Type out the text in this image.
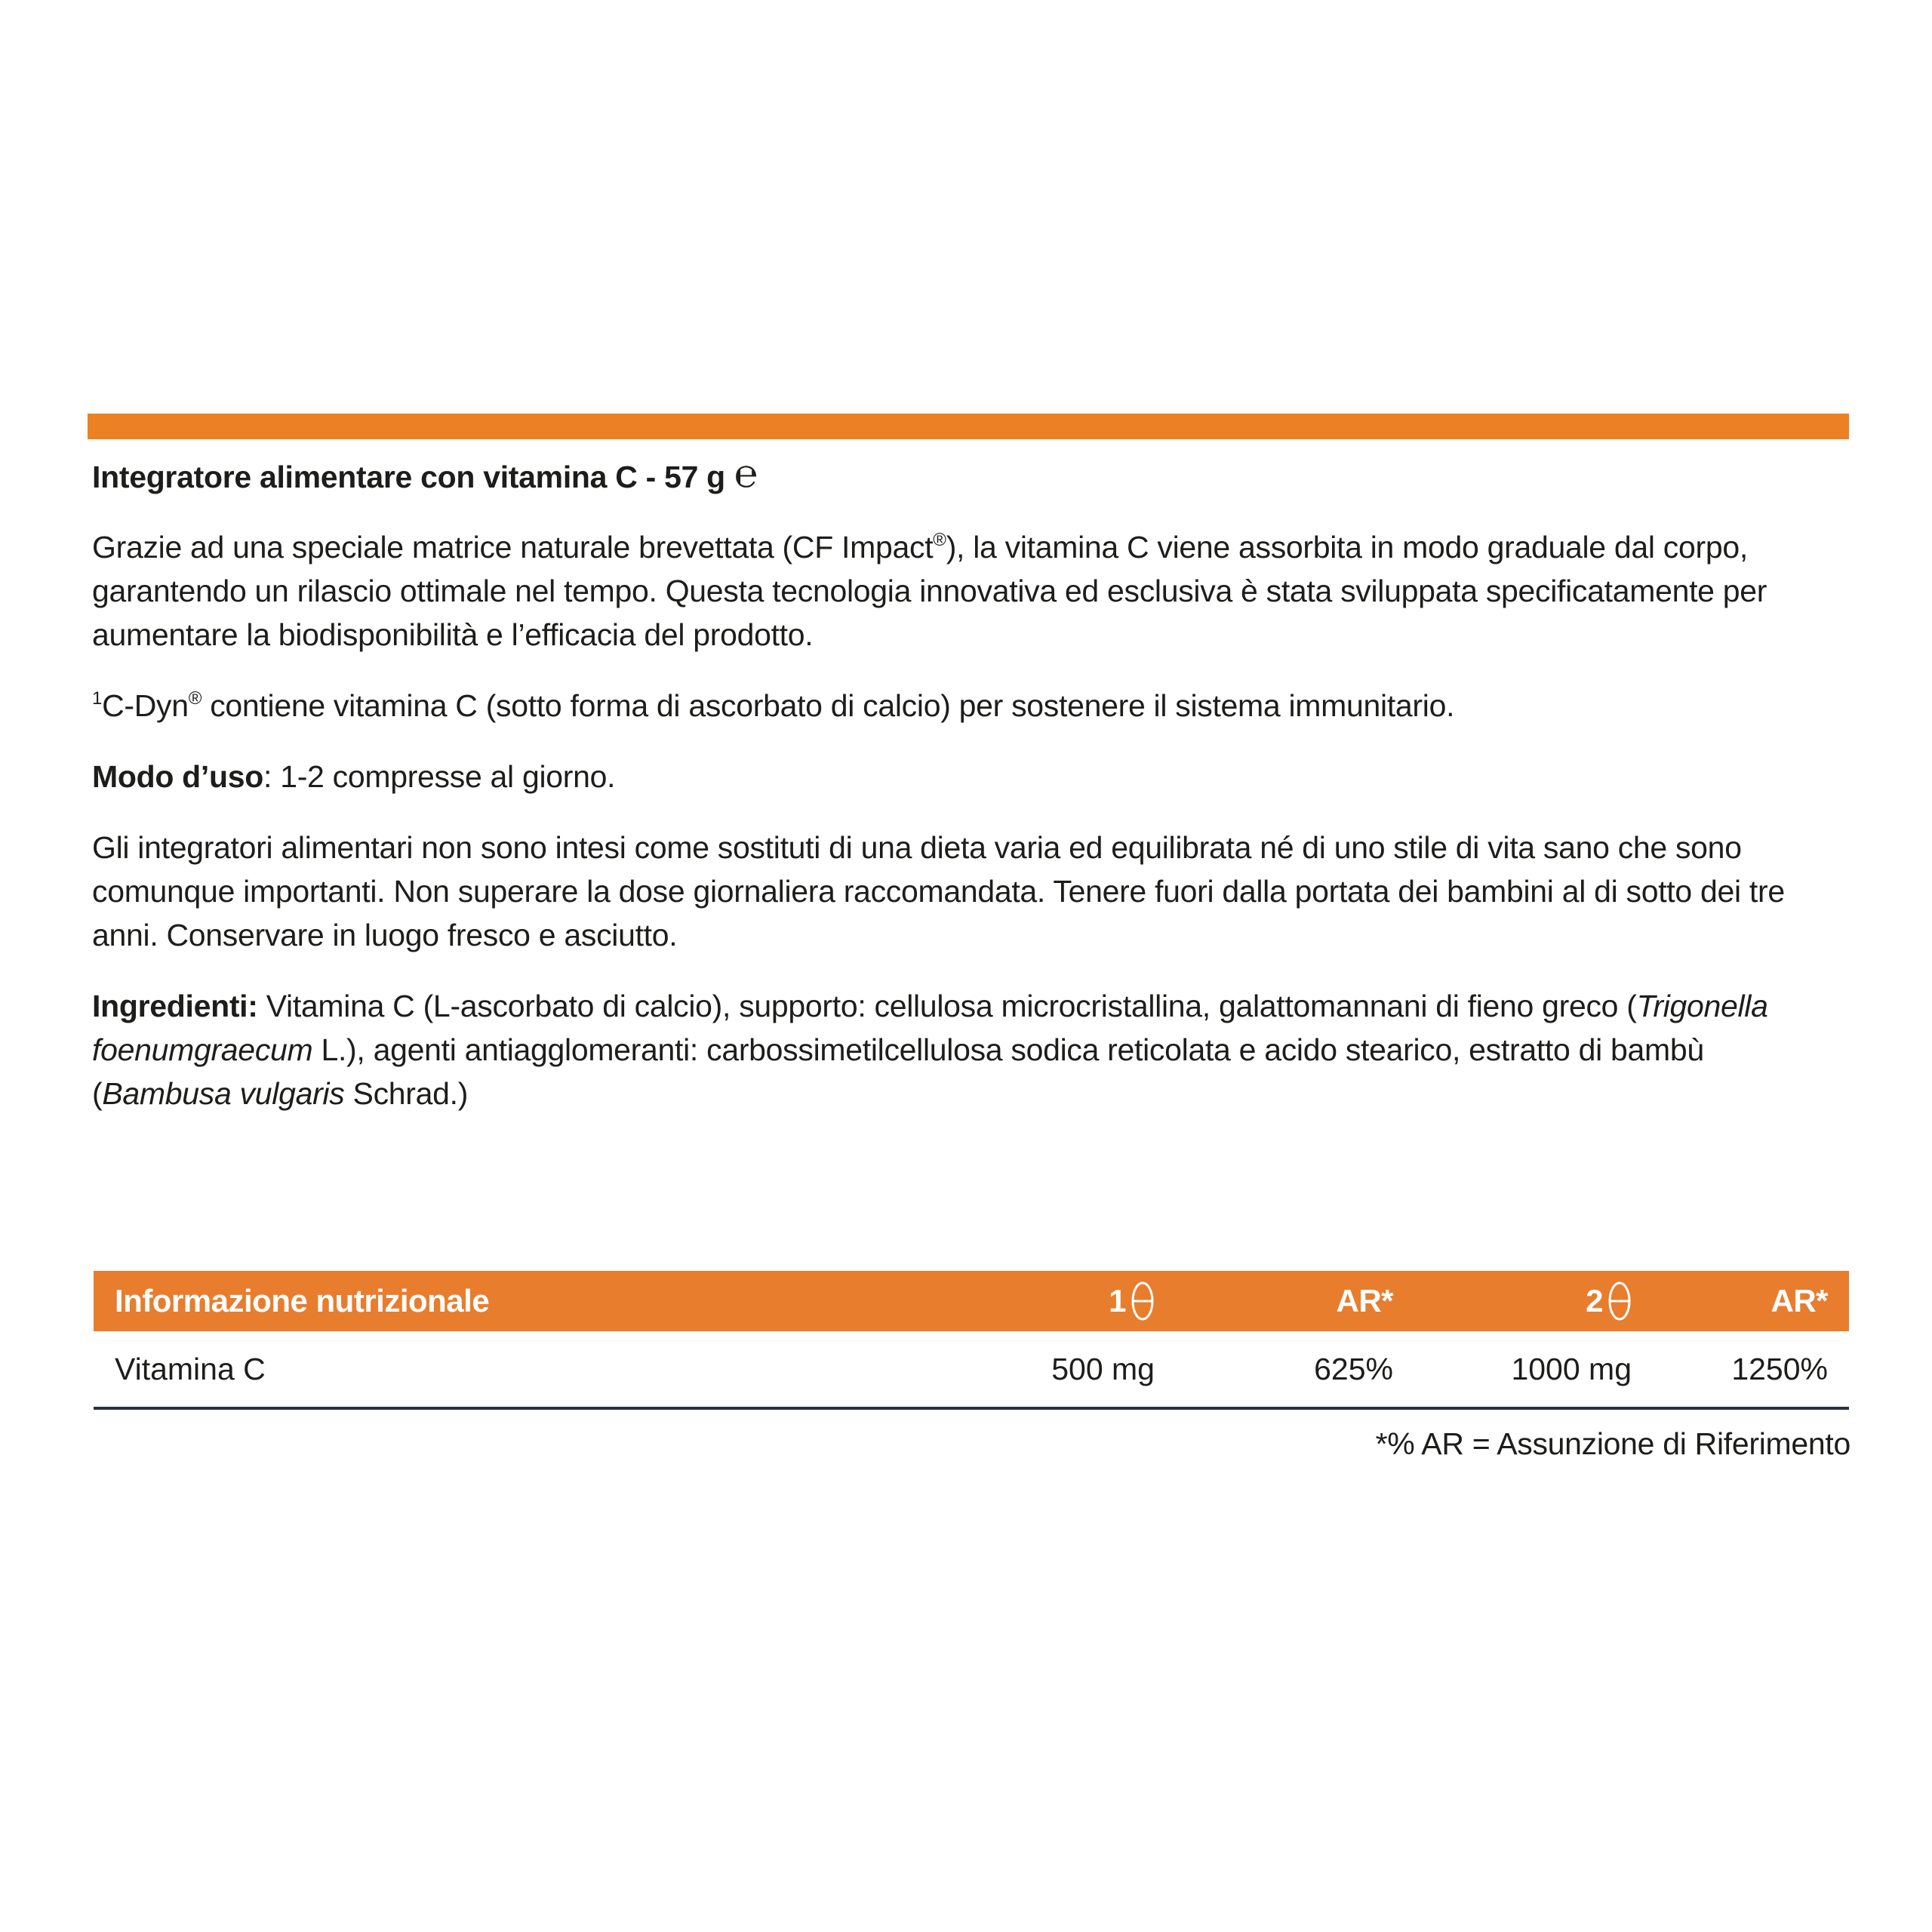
Integratore alimentare con vitamina C - 57 g ℮

Grazie ad una speciale matrice naturale brevettata (CF Impact®), la vitamina C viene assorbita in modo graduale dal corpo, garantendo un rilascio ottimale nel tempo. Questa tecnologia innovativa ed esclusiva è stata sviluppata specificatamente per aumentare la biodisponibilità e l’efficacia del prodotto.

$^1$C-Dyn® contiene vitamina C (sotto forma di ascorbato di calcio) per sostenere il sistema immunitario.

Modo d’uso: 1-2 compresse al giorno.

Gli integratori alimentari non sono intesi come sostituti di una dieta varia ed equilibrata né di uno stile di vita sano che sono comunque importanti. Non superare la dose giornaliera raccomandata. Tenere fuori dalla portata dei bambini al di sotto dei tre anni. Conservare in luogo fresco e asciutto.

Ingredienti: Vitamina C (L-ascorbato di calcio), supporto: cellulosa microcristallina, galattomannani di fieno greco (Trigonella foenumgraecum L.), agenti antiagglomeranti: carbossimetilcellulosa sodica reticolata e acido stearico, estratto di bambù (Bambusa vulgaris Schrad.)

Informazione nutrizionale	1	AR*	2	AR*
Vitamina C	500 mg	625%	1000 mg	1250%
*% AR = Assunzione di Riferimento
